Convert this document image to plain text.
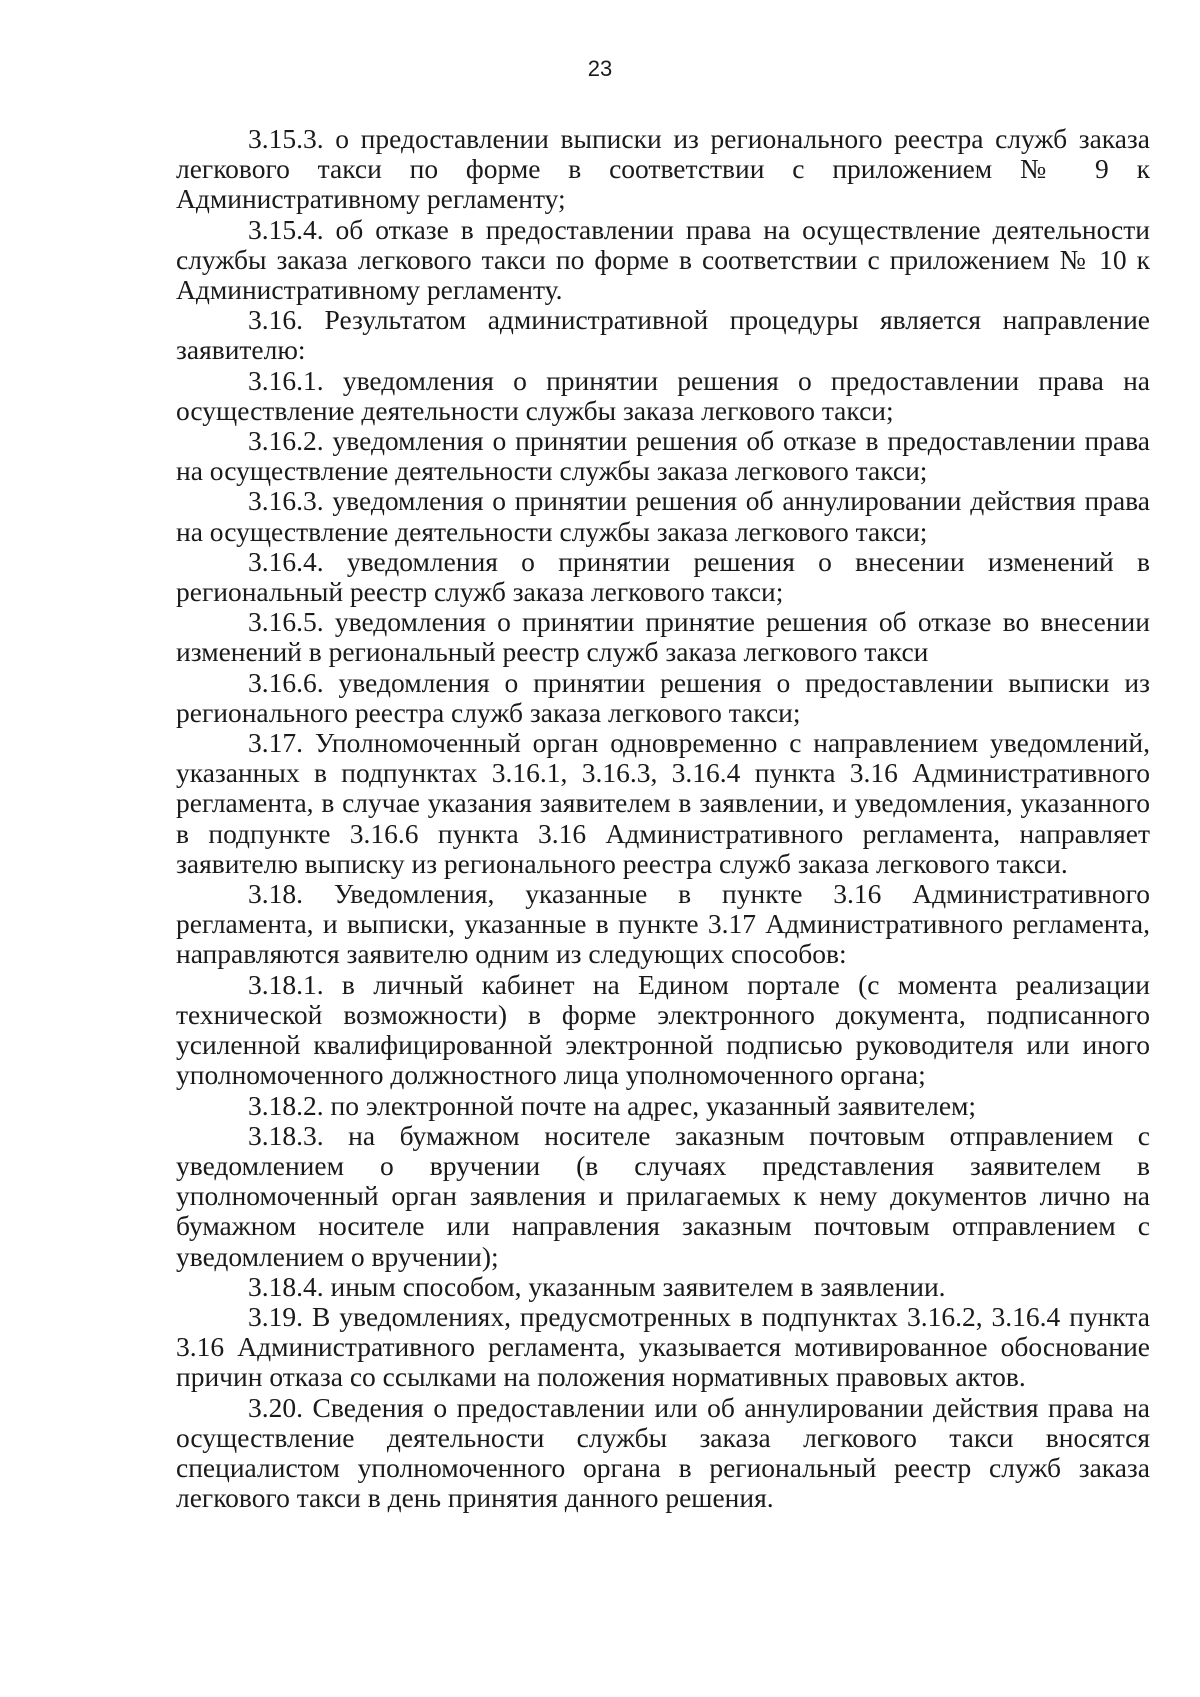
23

3.15.3. о предоставлении выписки из регионального реестра служб заказа легкового такси по форме в соответствии с приложением № 9 к Административному регламенту;

3.15.4. об отказе в предоставлении права на осуществление деятельности службы заказа легкового такси по форме в соответствии с приложением № 10 к Административному регламенту.

3.16. Результатом административной процедуры является направление заявителю:

3.16.1. уведомления о принятии решения о предоставлении права на осуществление деятельности службы заказа легкового такси;

3.16.2. уведомления о принятии решения об отказе в предоставлении права на осуществление деятельности службы заказа легкового такси;

3.16.3. уведомления о принятии решения об аннулировании действия права на осуществление деятельности службы заказа легкового такси;

3.16.4. уведомления о принятии решения о внесении изменений в региональный реестр служб заказа легкового такси;

3.16.5. уведомления о принятии принятие решения об отказе во внесении изменений в региональный реестр служб заказа легкового такси

3.16.6. уведомления о принятии решения о предоставлении выписки из регионального реестра служб заказа легкового такси;

3.17. Уполномоченный орган одновременно с направлением уведомлений, указанных в подпунктах 3.16.1, 3.16.3, 3.16.4 пункта 3.16 Административного регламента, в случае указания заявителем в заявлении, и уведомления, указанного в подпункте 3.16.6 пункта 3.16 Административного регламента, направляет заявителю выписку из регионального реестра служб заказа легкового такси.

3.18. Уведомления, указанные в пункте 3.16 Административного регламента, и выписки, указанные в пункте 3.17 Административного регламента, направляются заявителю одним из следующих способов:

3.18.1. в личный кабинет на Едином портале (с момента реализации технической возможности) в форме электронного документа, подписанного усиленной квалифицированной электронной подписью руководителя или иного уполномоченного должностного лица уполномоченного органа;

3.18.2. по электронной почте на адрес, указанный заявителем;

3.18.3. на бумажном носителе заказным почтовым отправлением с уведомлением о вручении (в случаях представления заявителем в уполномоченный орган заявления и прилагаемых к нему документов лично на бумажном носителе или направления заказным почтовым отправлением с уведомлением о вручении);

3.18.4. иным способом, указанным заявителем в заявлении.

3.19. В уведомлениях, предусмотренных в подпунктах 3.16.2, 3.16.4 пункта 3.16 Административного регламента, указывается мотивированное обоснование причин отказа со ссылками на положения нормативных правовых актов.

3.20. Сведения о предоставлении или об аннулировании действия права на осуществление деятельности службы заказа легкового такси вносятся специалистом уполномоченного органа в региональный реестр служб заказа легкового такси в день принятия данного решения.
